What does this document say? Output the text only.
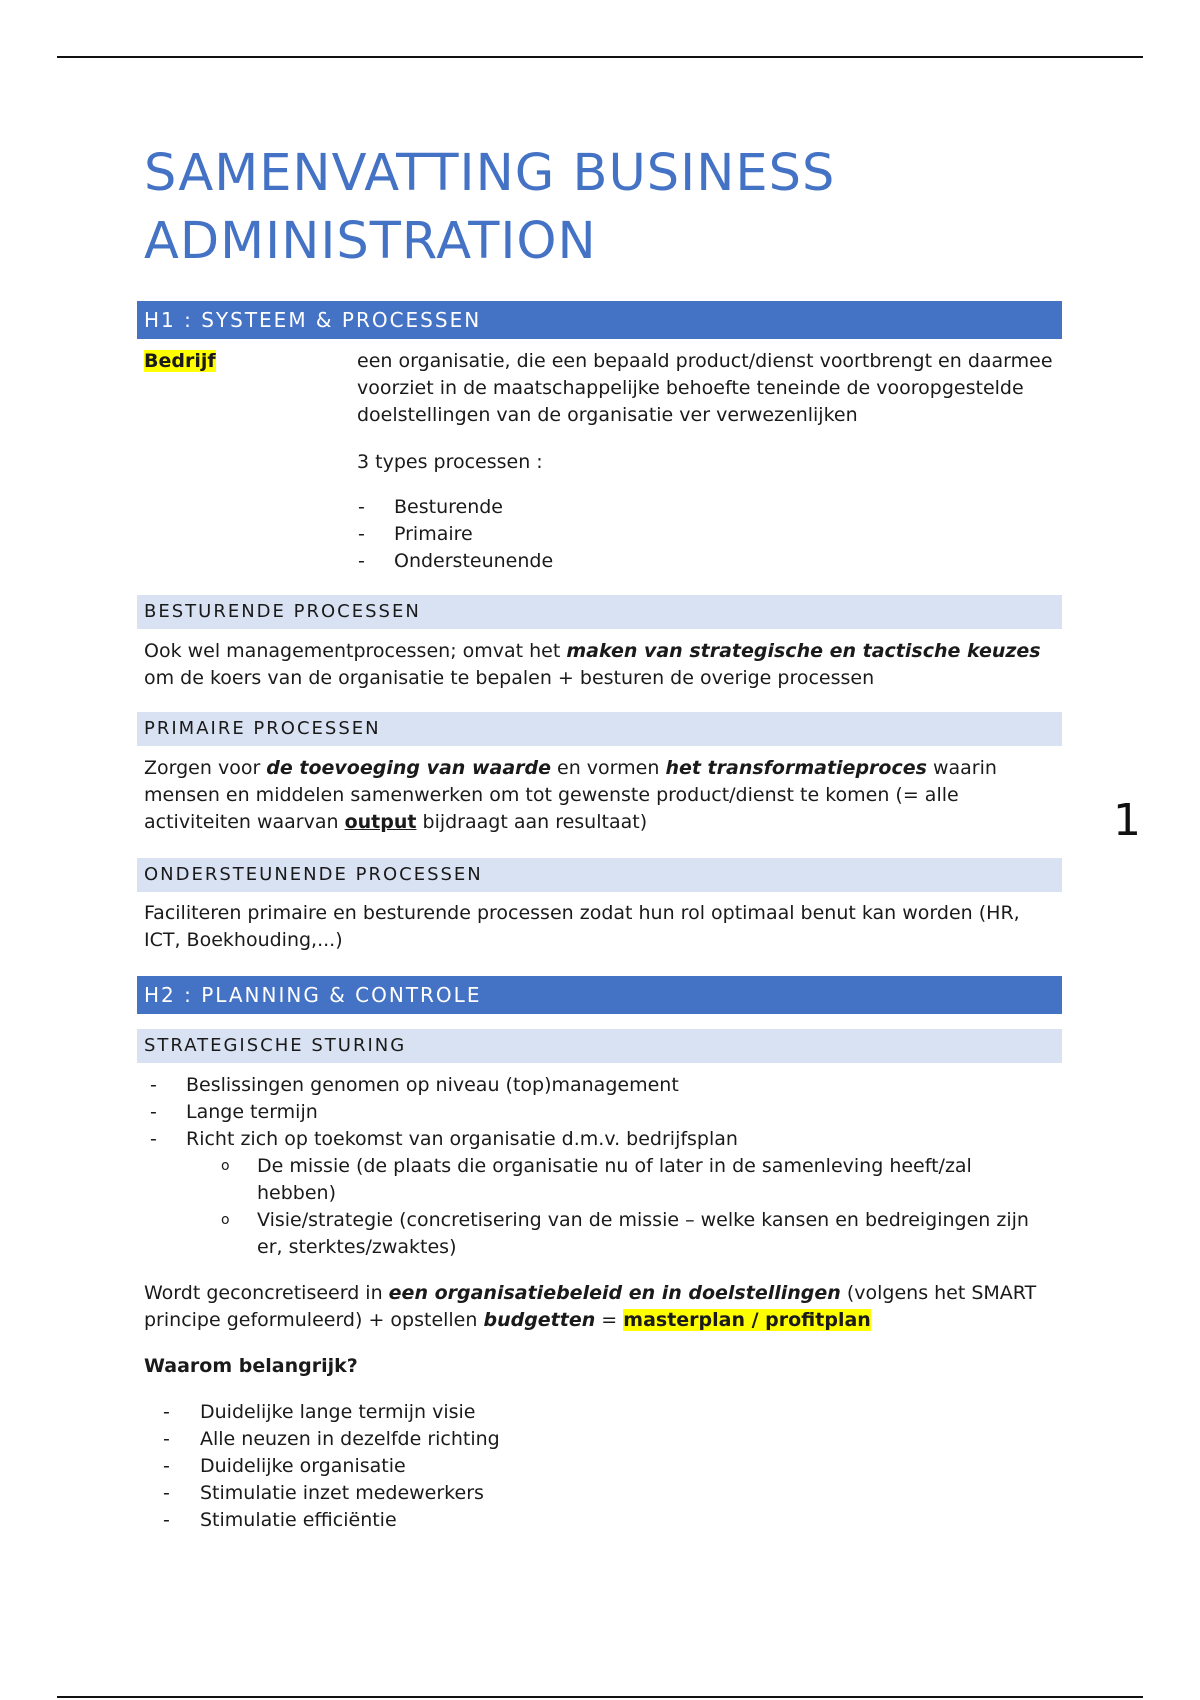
SAMENVATTING BUSINESS ADMINISTRATION
H1 : SYSTEEM & PROCESSEN
Bedrijf	een organisatie, die een bepaald product/dienst voortbrengt en daarmee voorziet in de maatschappelijke behoefte teneinde de vooropgestelde doelstellingen van de organisatie ver verwezenlijken

3 types processen :

- Besturende
- Primaire
- Ondersteunende
BESTURENDE PROCESSEN

Ook wel managementprocessen; omvat het maken van strategische en tactische keuzes om de koers van de organisatie te bepalen + besturen de overige processen

PRIMAIRE PROCESSEN

Zorgen voor de toevoeging van waarde en vormen het transformatieproces waarin mensen en middelen samenwerken om tot gewenste product/dienst te komen (= alle activiteiten waarvan output bijdraagt aan resultaat)

ONDERSTEUNENDE PROCESSEN

Faciliteren primaire en besturende processen zodat hun rol optimaal benut kan worden (HR, ICT, Boekhouding,...)

H2 : PLANNING & CONTROLE
STRATEGISCHE STURING
- Beslissingen genomen op niveau (top)management
- Lange termijn
- Richt zich op toekomst van organisatie d.m.v. bedrijfsplan
o De missie (de plaats die organisatie nu of later in de samenleving heeft/zal hebben)
o Visie/strategie (concretisering van de missie – welke kansen en bedreigingen zijn er, sterktes/zwaktes)

Wordt geconcretiseerd in een organisatiebeleid en in doelstellingen (volgens het SMART principe geformuleerd) + opstellen budgetten = masterplan / profitplan

Waarom belangrijk?

- Duidelijke lange termijn visie
- Alle neuzen in dezelfde richting
- Duidelijke organisatie
- Stimulatie inzet medewerkers
- Stimulatie efficiëntie
1
